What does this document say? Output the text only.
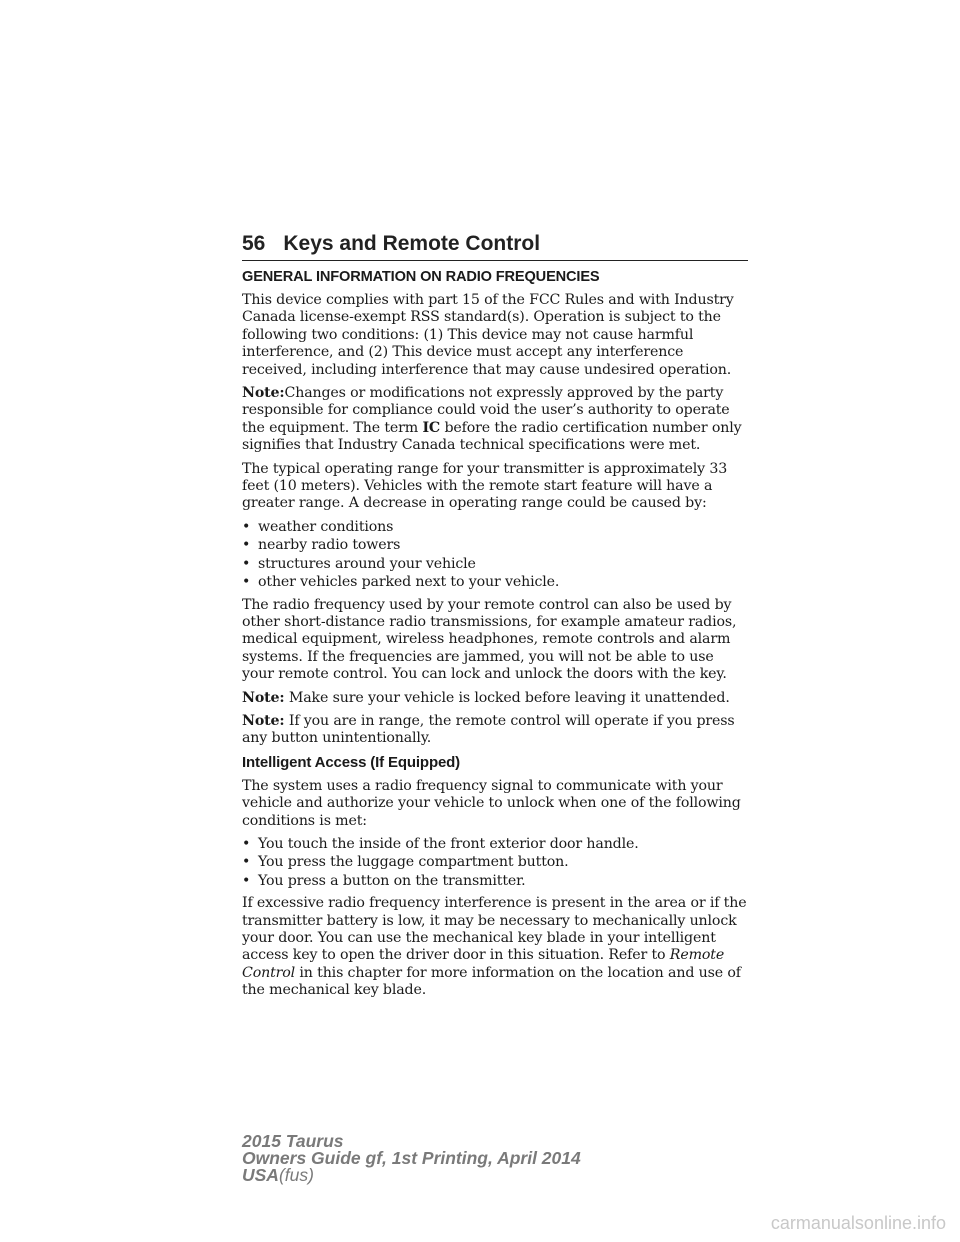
56 Keys and Remote Control
GENERAL INFORMATION ON RADIO FREQUENCIES

This device complies with part 15 of the FCC Rules and with Industry Canada license-exempt RSS standard(s). Operation is subject to the following two conditions: (1) This device may not cause harmful interference, and (2) This device must accept any interference received, including interference that may cause undesired operation.

Note:Changes or modifications not expressly approved by the party responsible for compliance could void the user’s authority to operate the equipment. The term IC before the radio certification number only signifies that Industry Canada technical specifications were met.

The typical operating range for your transmitter is approximately 33 feet (10 meters). Vehicles with the remote start feature will have a greater range. A decrease in operating range could be caused by:

• weather conditions
• nearby radio towers
• structures around your vehicle
• other vehicles parked next to your vehicle.

The radio frequency used by your remote control can also be used by other short-distance radio transmissions, for example amateur radios, medical equipment, wireless headphones, remote controls and alarm systems. If the frequencies are jammed, you will not be able to use your remote control. You can lock and unlock the doors with the key.

Note: Make sure your vehicle is locked before leaving it unattended.

Note: If you are in range, the remote control will operate if you press any button unintentionally.

Intelligent Access (If Equipped)

The system uses a radio frequency signal to communicate with your vehicle and authorize your vehicle to unlock when one of the following conditions is met:

• You touch the inside of the front exterior door handle.
• You press the luggage compartment button.
• You press a button on the transmitter.

If excessive radio frequency interference is present in the area or if the transmitter battery is low, it may be necessary to mechanically unlock your door. You can use the mechanical key blade in your intelligent access key to open the driver door in this situation. Refer to Remote Control in this chapter for more information on the location and use of the mechanical key blade.

2015 Taurus
Owners Guide gf, 1st Printing, April 2014
USA(fus)
carmanualsonline.info
